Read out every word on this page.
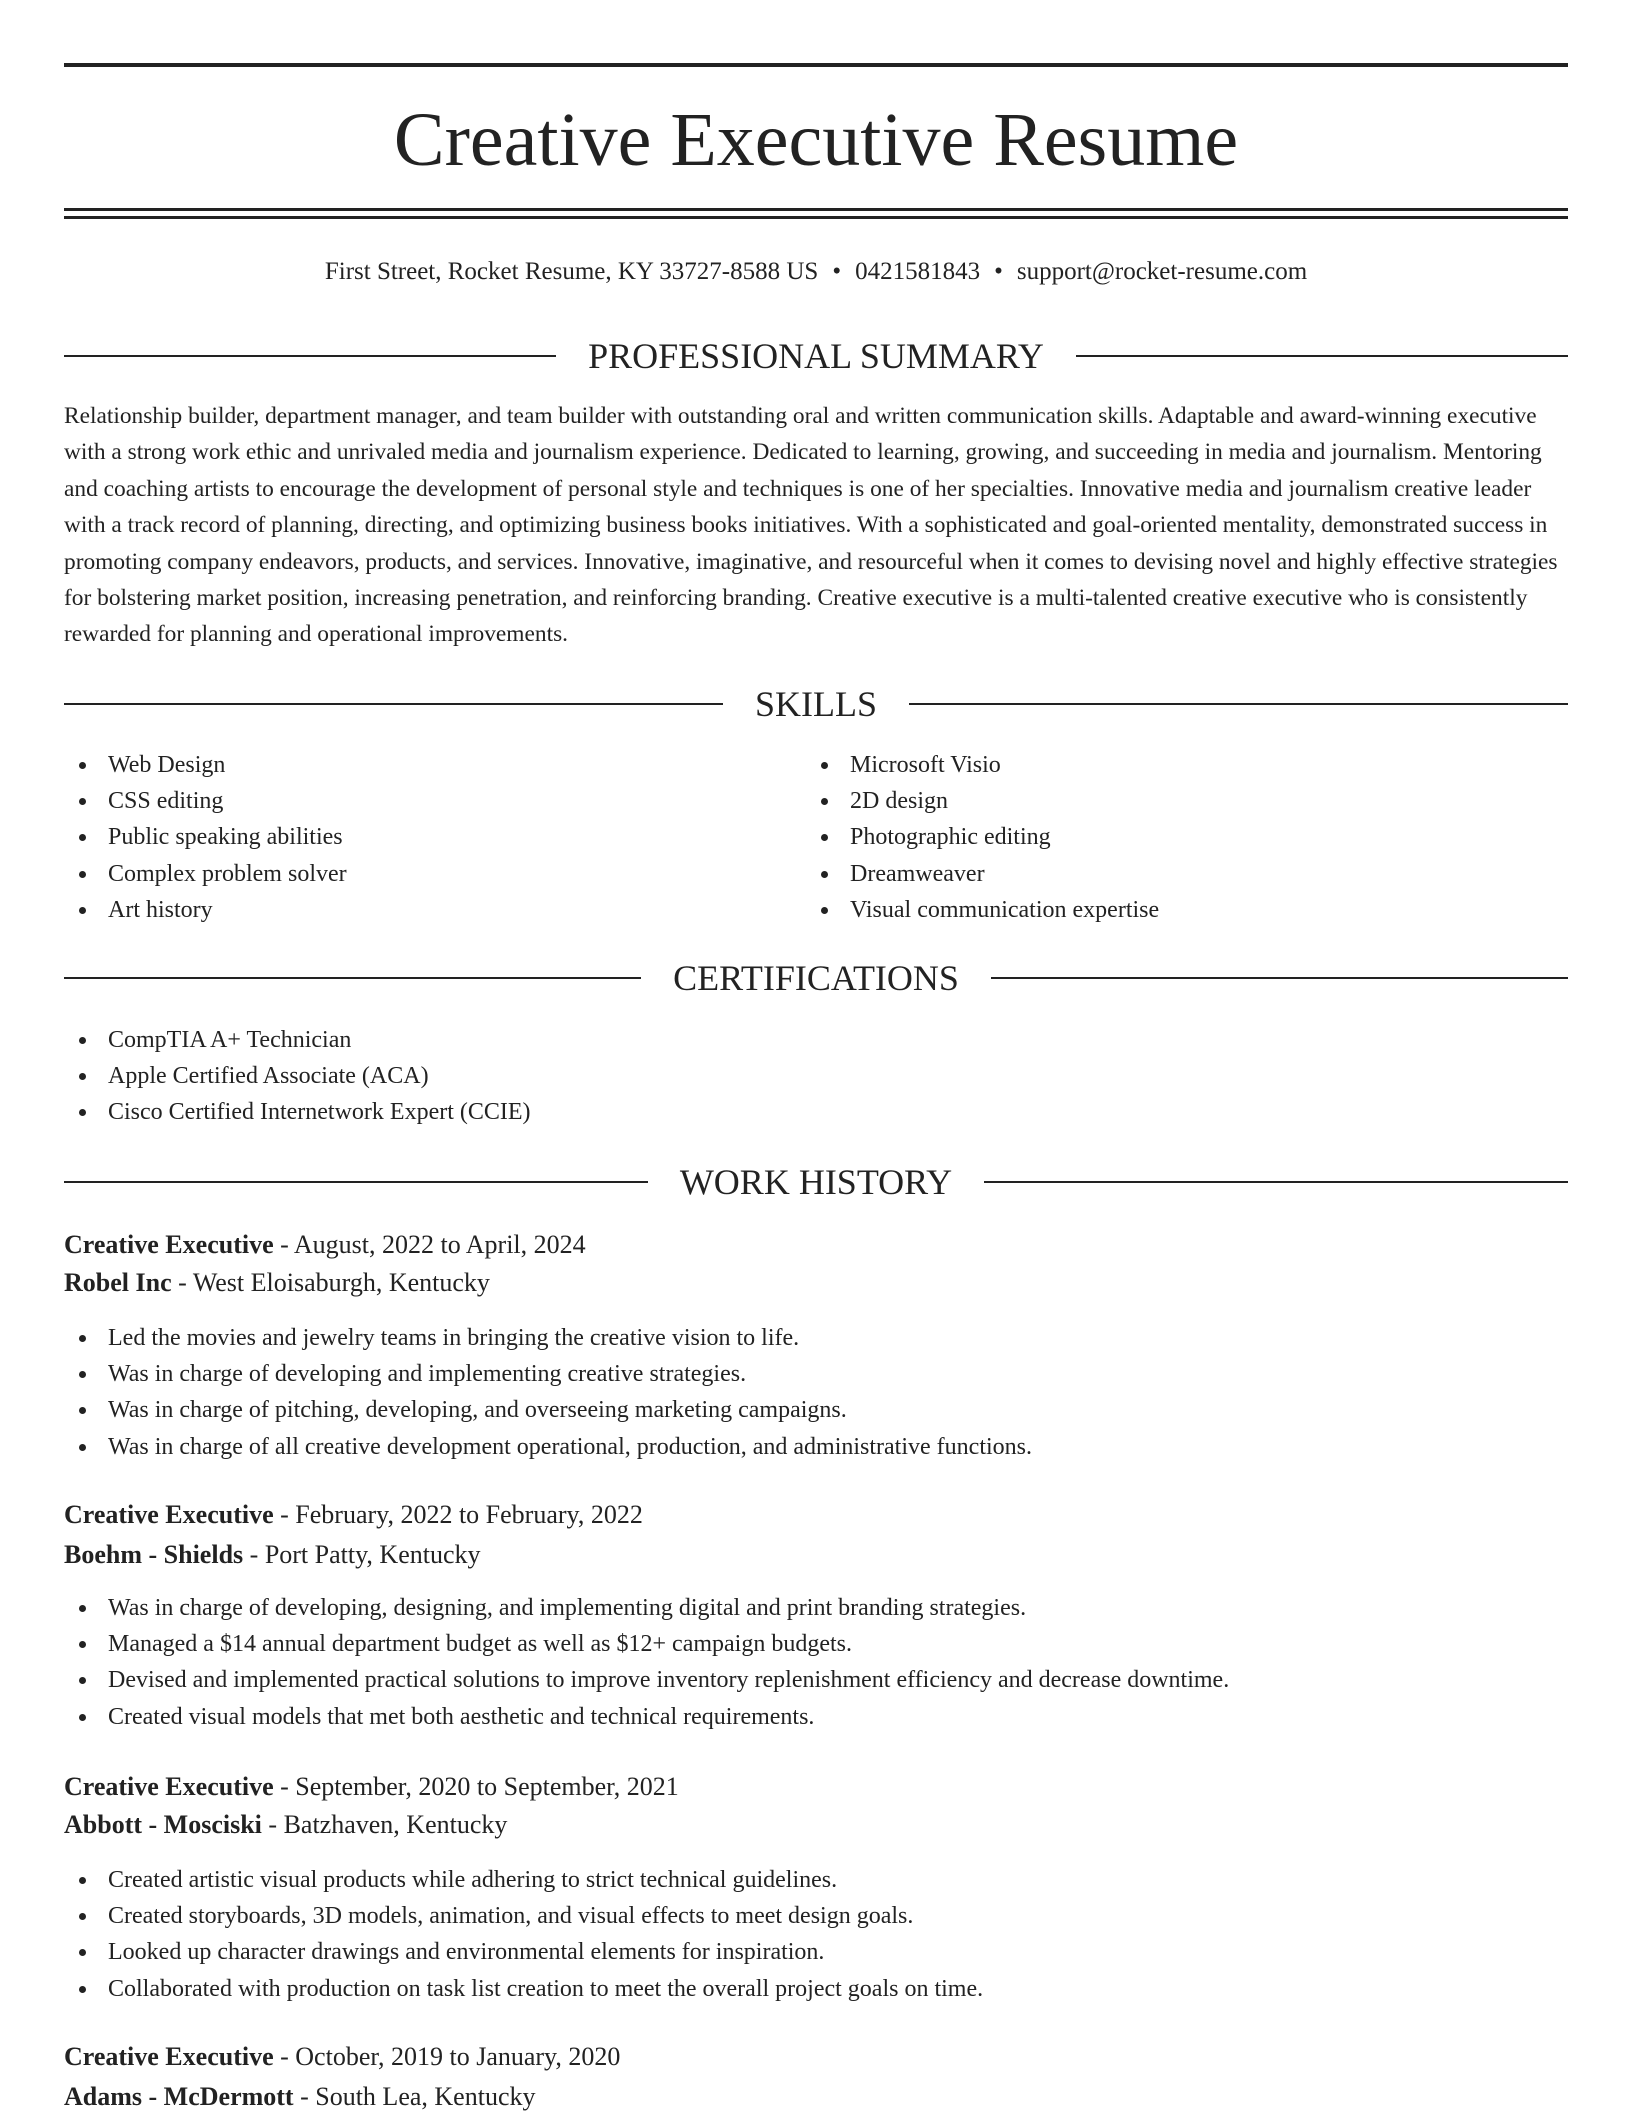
Creative Executive Resume
First Street, Rocket Resume, KY 33727-8588 US • 0421581843 • support@rocket-resume.com
PROFESSIONAL SUMMARY

Relationship builder, department manager, and team builder with outstanding oral and written communication skills. Adaptable and award-winning executive with a strong work ethic and unrivaled media and journalism experience. Dedicated to learning, growing, and succeeding in media and journalism. Mentoring and coaching artists to encourage the development of personal style and techniques is one of her specialties. Innovative media and journalism creative leader with a track record of planning, directing, and optimizing business books initiatives. With a sophisticated and goal-oriented mentality, demonstrated success in promoting company endeavors, products, and services. Innovative, imaginative, and resourceful when it comes to devising novel and highly effective strategies for bolstering market position, increasing penetration, and reinforcing branding. Creative executive is a multi-talented creative executive who is consistently rewarded for planning and operational improvements.

SKILLS
Web Design
CSS editing
Public speaking abilities
Complex problem solver
Art history
Microsoft Visio
2D design
Photographic editing
Dreamweaver
Visual communication expertise
CERTIFICATIONS
CompTIA A+ Technician
Apple Certified Associate (ACA)
Cisco Certified Internetwork Expert (CCIE)
WORK HISTORY
Creative Executive - August, 2022 to April, 2024
Robel Inc - West Eloisaburgh, Kentucky
Led the movies and jewelry teams in bringing the creative vision to life.
Was in charge of developing and implementing creative strategies.
Was in charge of pitching, developing, and overseeing marketing campaigns.
Was in charge of all creative development operational, production, and administrative functions.
Creative Executive - February, 2022 to February, 2022
Boehm - Shields - Port Patty, Kentucky
Was in charge of developing, designing, and implementing digital and print branding strategies.
Managed a $14 annual department budget as well as $12+ campaign budgets.
Devised and implemented practical solutions to improve inventory replenishment efficiency and decrease downtime.
Created visual models that met both aesthetic and technical requirements.
Creative Executive - September, 2020 to September, 2021
Abbott - Mosciski - Batzhaven, Kentucky
Created artistic visual products while adhering to strict technical guidelines.
Created storyboards, 3D models, animation, and visual effects to meet design goals.
Looked up character drawings and environmental elements for inspiration.
Collaborated with production on task list creation to meet the overall project goals on time.
Creative Executive - October, 2019 to January, 2020
Adams - McDermott - South Lea, Kentucky
